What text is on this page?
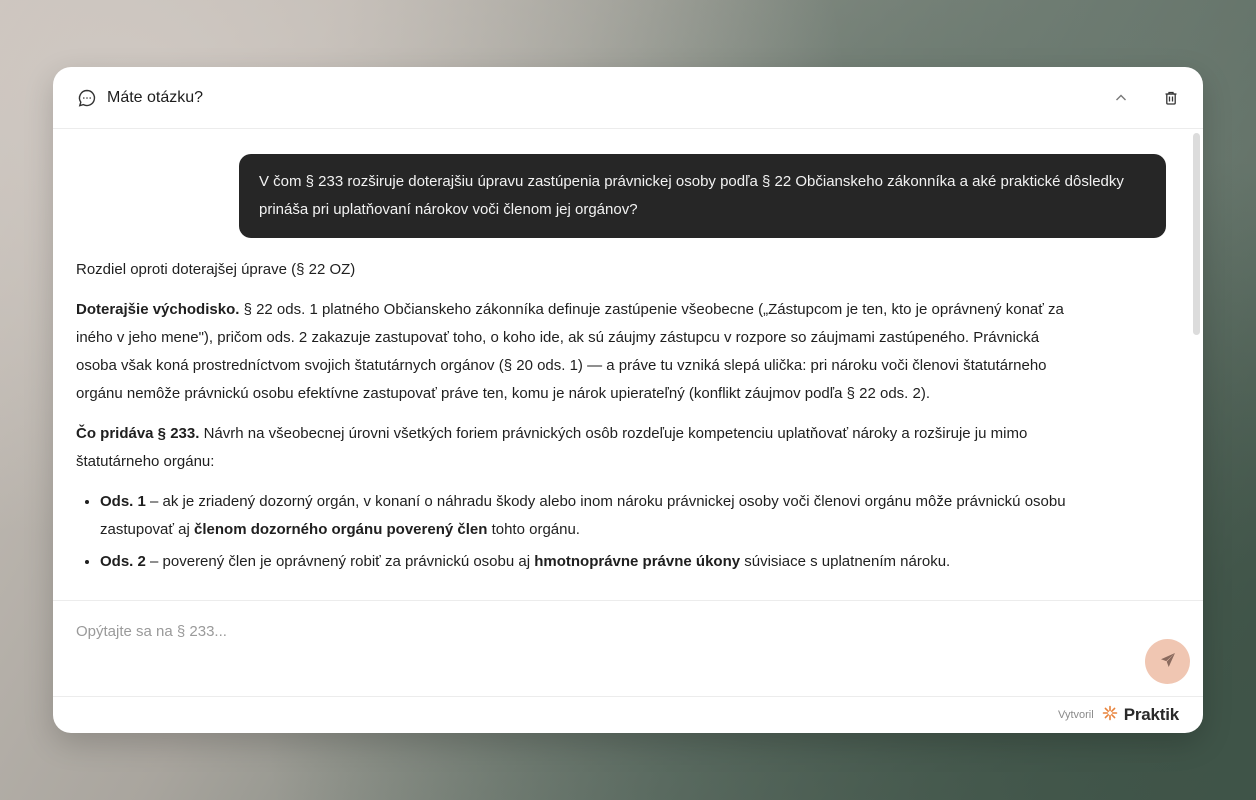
Máte otázku?
V čom § 233 rozširuje doterajšiu úpravu zastúpenia právnickej osoby podľa § 22 Občianskeho zákonníka a aké praktické dôsledky prináša pri uplatňovaní nárokov voči členom jej orgánov?

Rozdiel oproti doterajšej úprave (§ 22 OZ)

Doterajšie východisko. § 22 ods. 1 platného Občianskeho zákonníka definuje zastúpenie všeobecne („Zástupcom je ten, kto je oprávnený konať za iného v jeho mene"), pričom ods. 2 zakazuje zastupovať toho, o koho ide, ak sú záujmy zástupcu v rozpore so záujmami zastúpeného. Právnická osoba však koná prostredníctvom svojich štatutárnych orgánov (§ 20 ods. 1) — a práve tu vzniká slepá ulička: pri nároku voči členovi štatutárneho orgánu nemôže právnickú osobu efektívne zastupovať práve ten, komu je nárok upierateľný (konflikt záujmov podľa § 22 ods. 2).

Čo pridáva § 233. Návrh na všeobecnej úrovni všetkých foriem právnických osôb rozdeľuje kompetenciu uplatňovať nároky a rozširuje ju mimo štatutárneho orgánu:

• Ods. 1 – ak je zriadený dozorný orgán, v konaní o náhradu škody alebo inom nároku právnickej osoby voči členovi orgánu môže právnickú osobu zastupovať aj členom dozorného orgánu poverený člen tohto orgánu.
• Ods. 2 – poverený člen je oprávnený robiť za právnickú osobu aj hmotnoprávne právne úkony súvisiace s uplatnením nároku.
Opýtajte sa na § 233...
Vytvoril Praktik
